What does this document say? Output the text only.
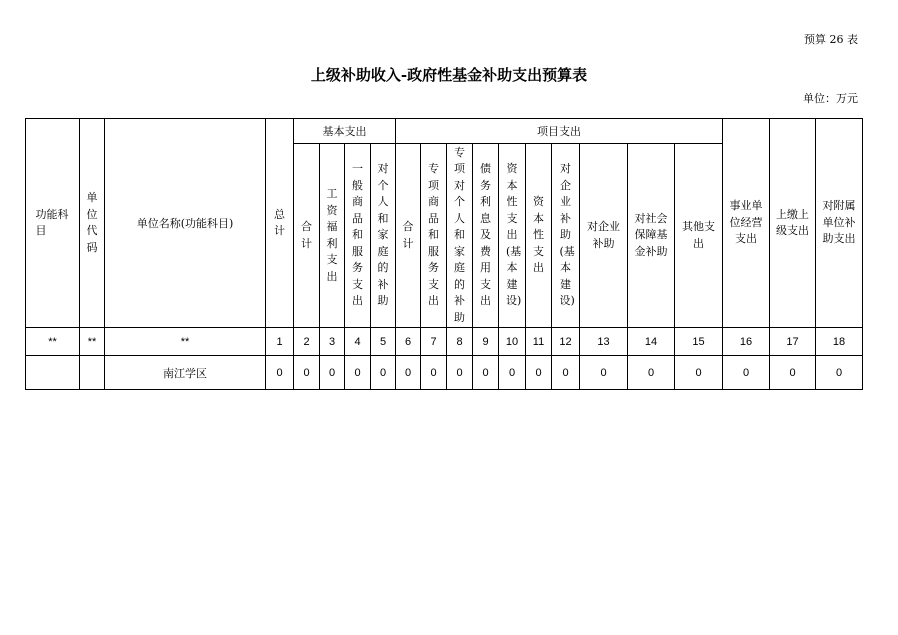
预算 26 表
上级补助收入-政府性基金补助支出预算表
单位：万元
功能科目	单位代码	单位名称(功能科目)	总计	基本支出				项目支出										事业单位经营支出	上缴上级支出	对附属单位补助支出
				合计	工资福利支出	一般商品和服务支出	对个人和家庭的补助	合计	专项商品和服务支出	专项对个人和家庭的补助	债务利息及费用支出	资本性支出(基本建设)	资本性支出	对企业补助(基本建设)	对企业补助	对社会保障基金补助	其他支出			
**	**	**	1	2	3	4	5	6	7	8	9	10	11	12	13	14	15	16	17	18
		南江学区	0	0	0	0	0	0	0	0	0	0	0	0	0	0	0	0	0	0
